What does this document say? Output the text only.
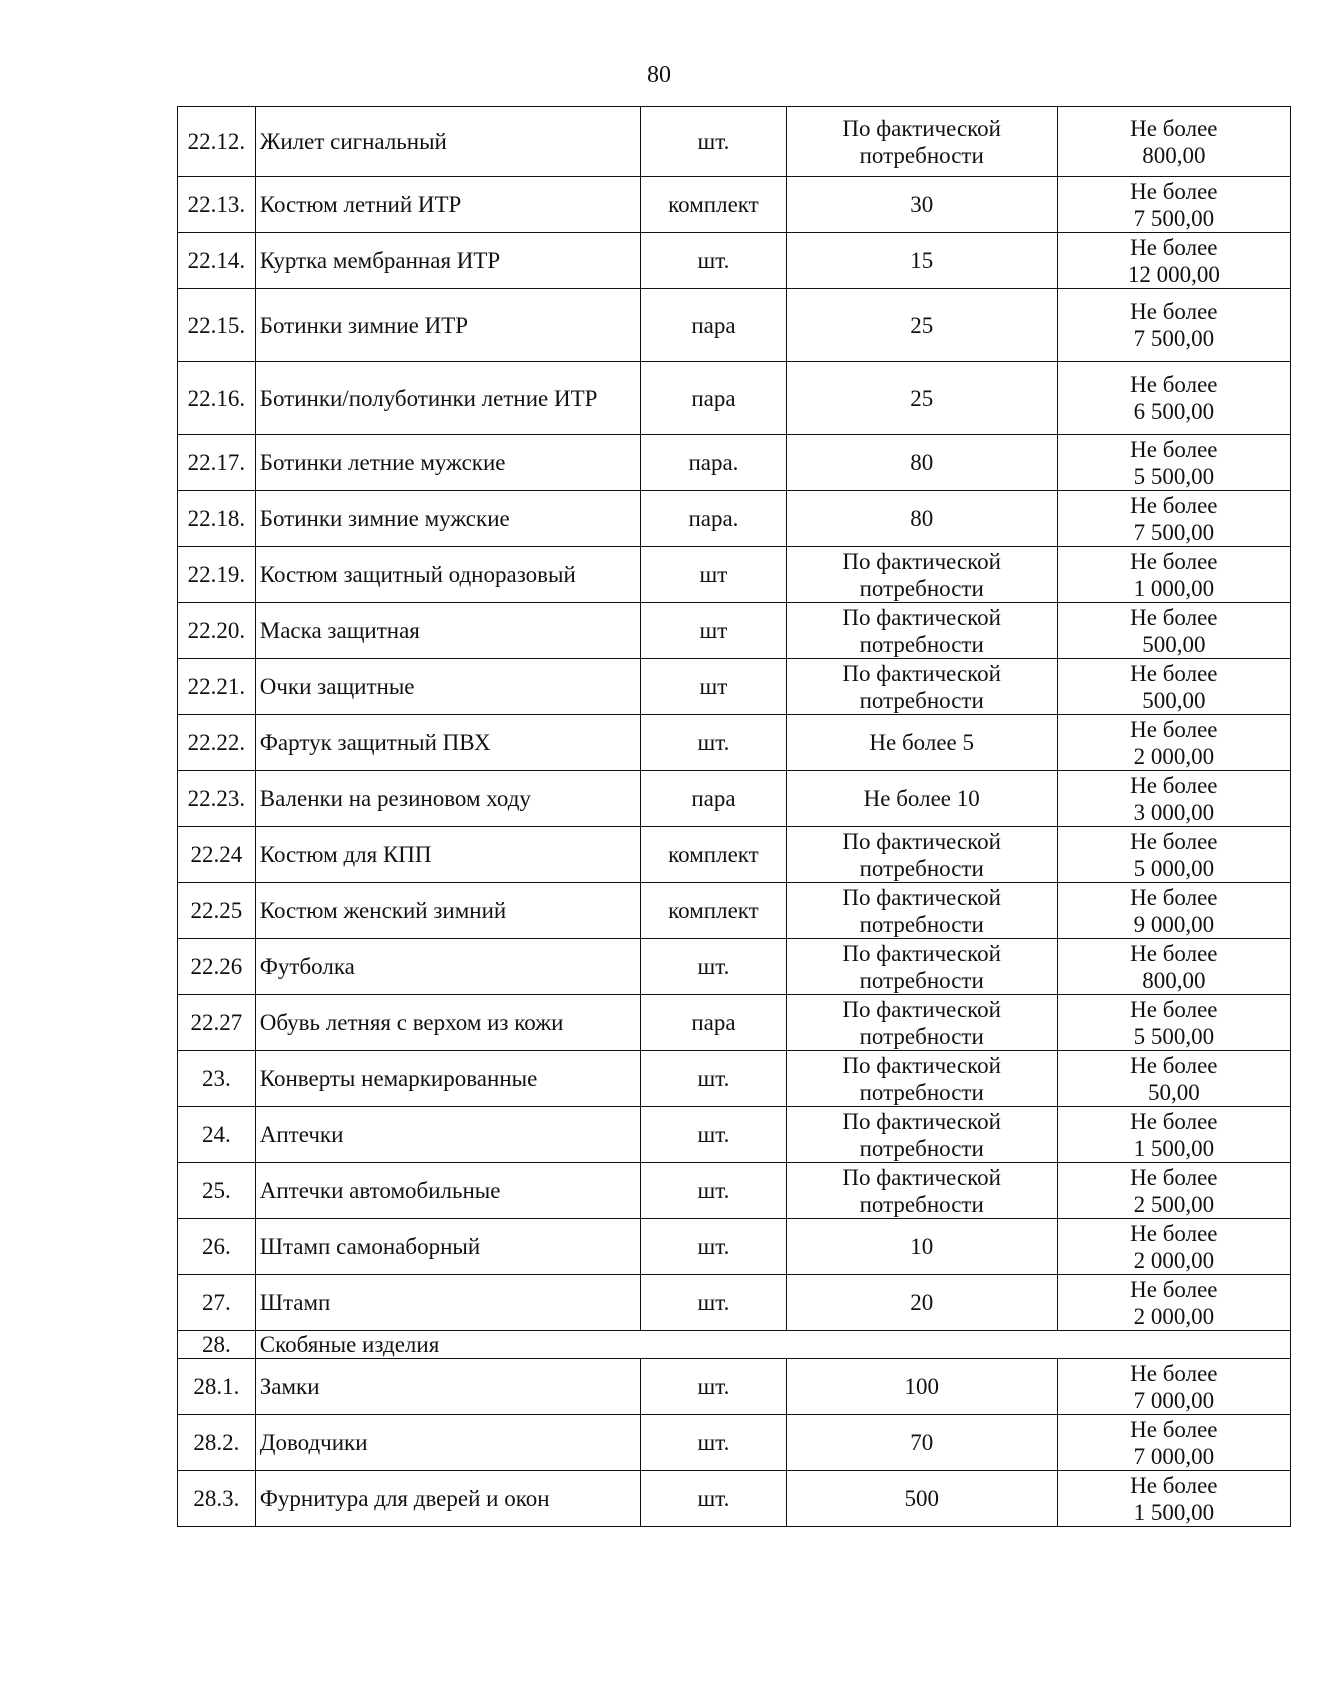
80
22.12.	Жилет сигнальный	шт.	По фактической
потребности	Не более
800,00

22.13.	Костюм летний ИТР	комплект	30	Не более
7 500,00

22.14.	Куртка мембранная ИТР	шт.	15	Не более
12 000,00

22.15.	Ботинки зимние ИТР	пара	25	Не более
7 500,00

22.16.	Ботинки/полуботинки летние ИТР	пара	25	Не более
6 500,00

22.17.	Ботинки летние мужские	пара.	80	Не более
5 500,00

22.18.	Ботинки зимние мужские	пара.	80	Не более
7 500,00

22.19.	Костюм защитный одноразовый	шт	По фактической
потребности	Не более
1 000,00

22.20.	Маска защитная	шт	По фактической
потребности	Не более
500,00

22.21.	Очки защитные	шт	По фактической
потребности	Не более
500,00

22.22.	Фартук защитный ПВХ	шт.	Не более 5	Не более
2 000,00

22.23.	Валенки на резиновом ходу	пара	Не более 10	Не более
3 000,00

22.24	Костюм для КПП	комплект	По фактической
потребности	Не более
5 000,00

22.25	Костюм женский зимний	комплект	По фактической
потребности	Не более
9 000,00

22.26	Футболка	шт.	По фактической
потребности	Не более
800,00

22.27	Обувь летняя с верхом из кожи	пара	По фактической
потребности	Не более
5 500,00

23.	Конверты немаркированные	шт.	По фактической
потребности	Не более
50,00

24.	Аптечки	шт.	По фактической
потребности	Не более
1 500,00

25.	Аптечки автомобильные	шт.	По фактической
потребности	Не более
2 500,00

26.	Штамп самонаборный	шт.	10	Не более
2 000,00

27.	Штамп	шт.	20	Не более
2 000,00

28.	Скобяные изделия			
28.1.	Замки	шт.	100	Не более
7 000,00

28.2.	Доводчики	шт.	70	Не более
7 000,00

28.3.	Фурнитура для дверей и окон	шт.	500	Не более
1 500,00
